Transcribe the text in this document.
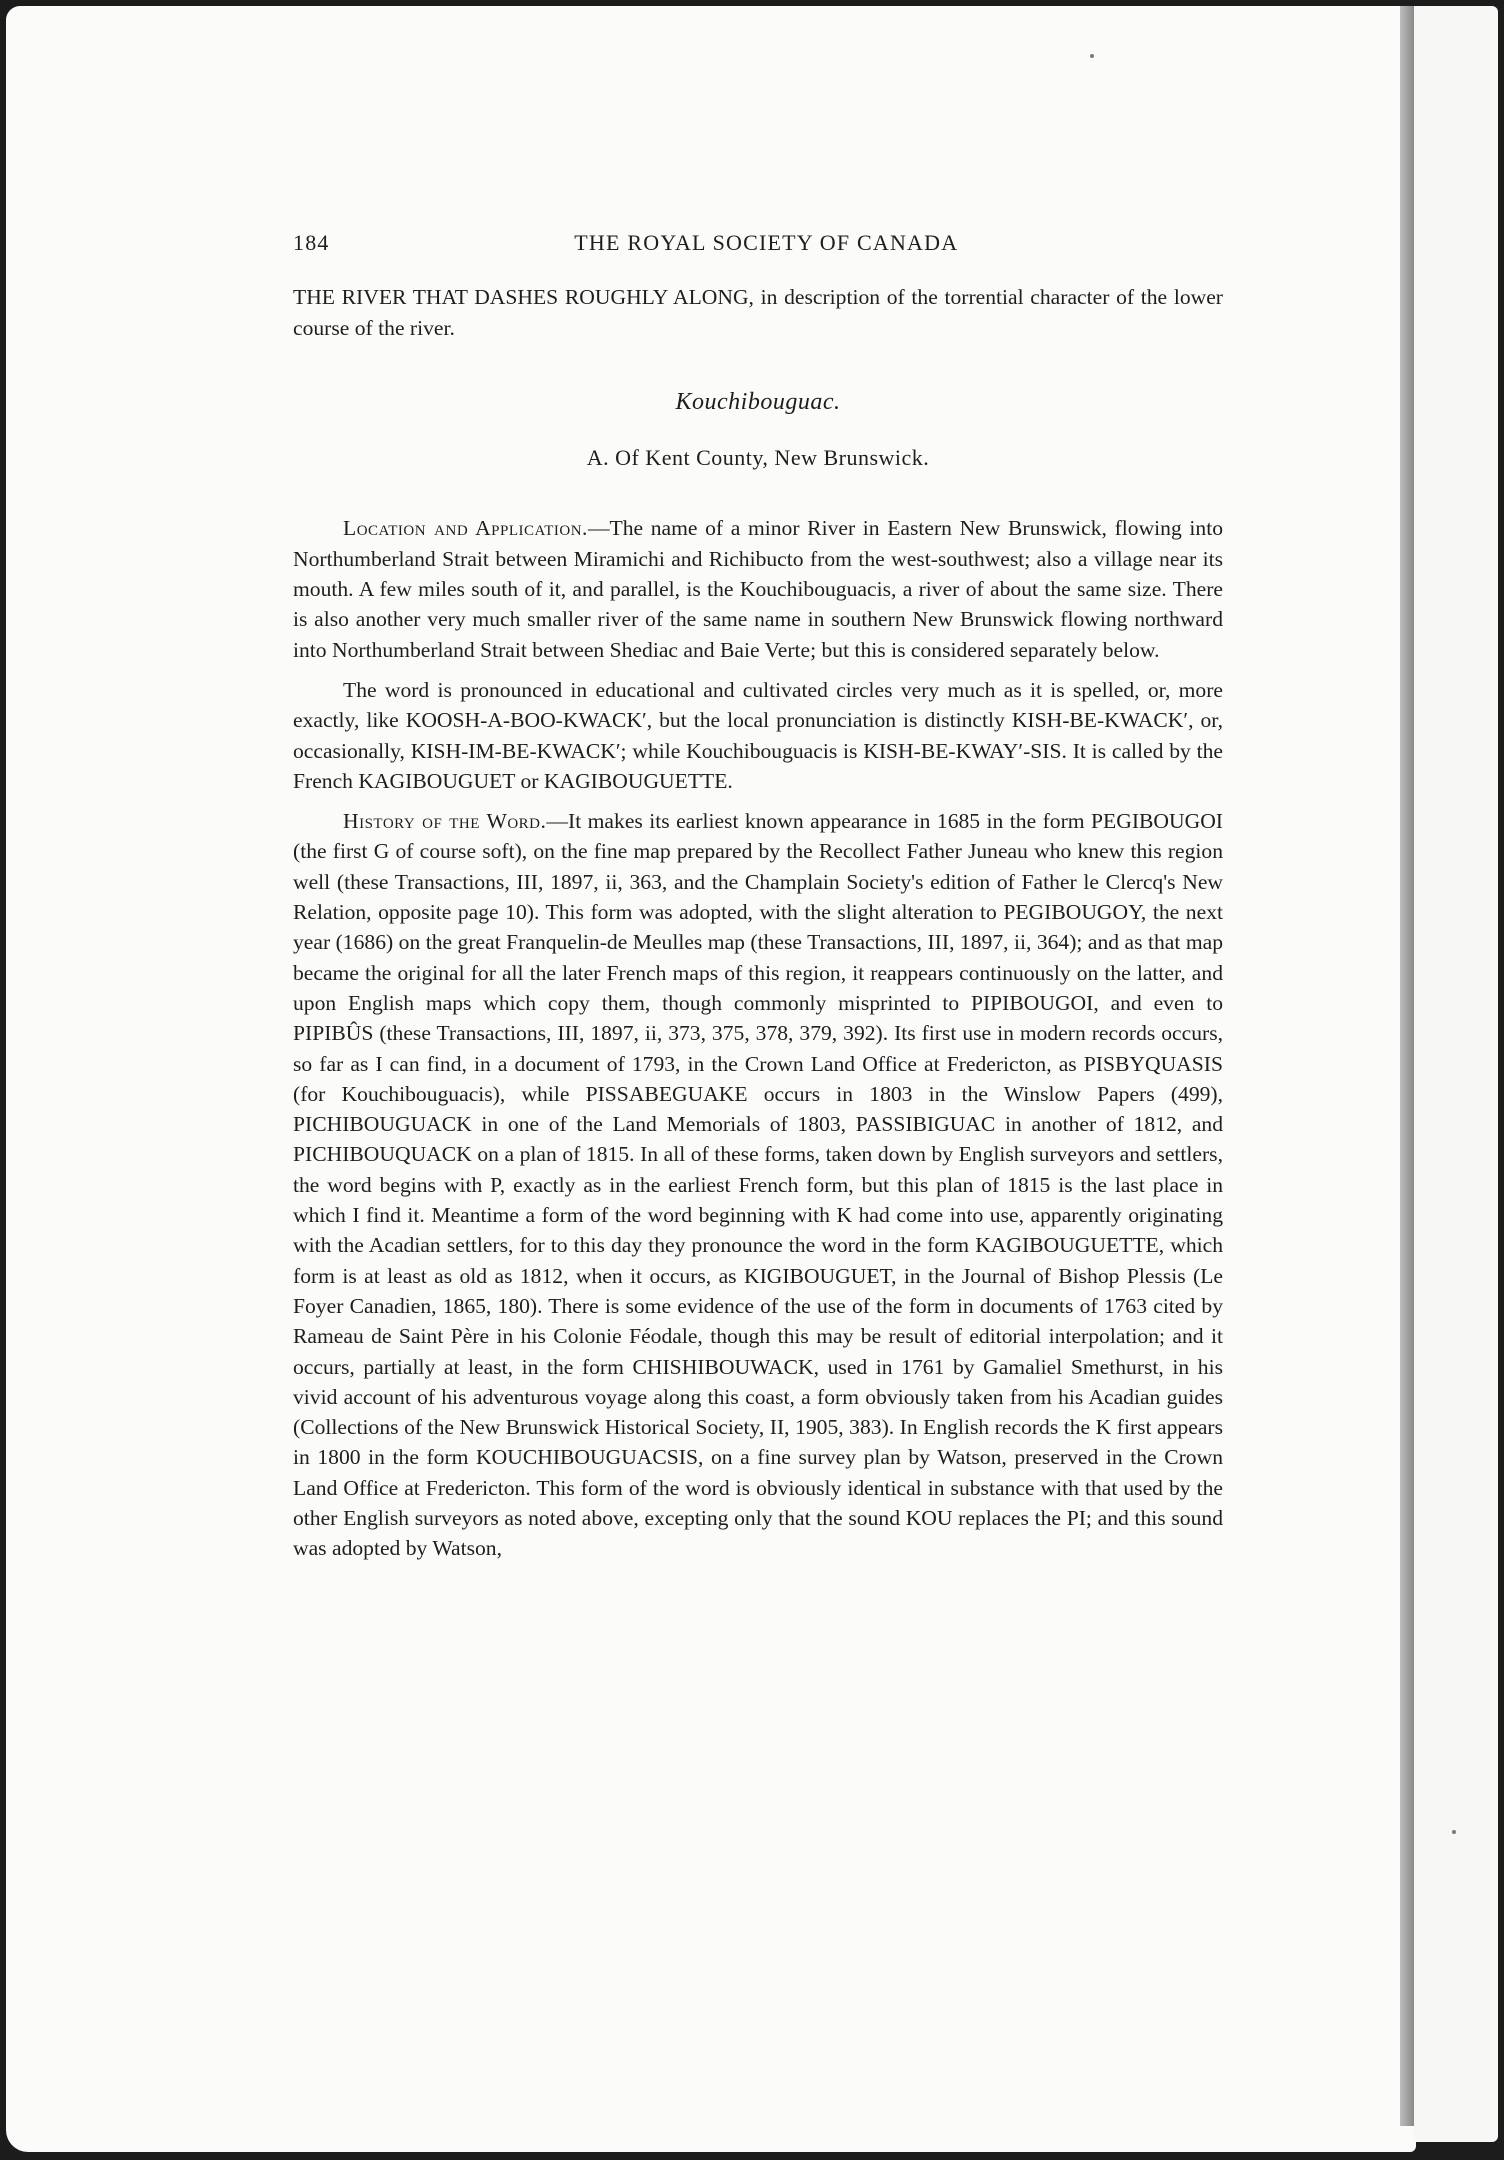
184	THE ROYAL SOCIETY OF CANADA

THE RIVER THAT DASHES ROUGHLY ALONG, in description of the torrential character of the lower course of the river.

Kouchibouguac.
A. Of Kent County, New Brunswick.

Location and Application.—The name of a minor River in Eastern New Brunswick, flowing into Northumberland Strait between Miramichi and Richibucto from the west-southwest; also a village near its mouth. A few miles south of it, and parallel, is the Kouchibouguacis, a river of about the same size. There is also another very much smaller river of the same name in southern New Brunswick flowing northward into Northumberland Strait between Shediac and Baie Verte; but this is considered separately below.

The word is pronounced in educational and cultivated circles very much as it is spelled, or, more exactly, like KOOSH-A-BOO-KWACK′, but the local pronunciation is distinctly KISH-BE-KWACK′, or, occasionally, KISH-IM-BE-KWACK′; while Kouchibouguacis is KISH-BE-KWAY′-SIS. It is called by the French KAGIBOUGUET or KAGIBOUGUETTE.

History of the Word.—It makes its earliest known appearance in 1685 in the form PEGIBOUGOI (the first G of course soft), on the fine map prepared by the Recollect Father Juneau who knew this region well (these Transactions, III, 1897, ii, 363, and the Champlain Society's edition of Father le Clercq's New Relation, opposite page 10). This form was adopted, with the slight alteration to PEGIBOUGOY, the next year (1686) on the great Franquelin-de Meulles map (these Transactions, III, 1897, ii, 364); and as that map became the original for all the later French maps of this region, it reappears continuously on the latter, and upon English maps which copy them, though commonly misprinted to PIPIBOUGOI, and even to PIPIBÛS (these Transactions, III, 1897, ii, 373, 375, 378, 379, 392). Its first use in modern records occurs, so far as I can find, in a document of 1793, in the Crown Land Office at Fredericton, as PISBYQUASIS (for Kouchibouguacis), while PISSABEGUAKE occurs in 1803 in the Winslow Papers (499), PICHIBOUGUACK in one of the Land Memorials of 1803, PASSIBIGUAC in another of 1812, and PICHIBOUQUACK on a plan of 1815. In all of these forms, taken down by English surveyors and settlers, the word begins with P, exactly as in the earliest French form, but this plan of 1815 is the last place in which I find it. Meantime a form of the word beginning with K had come into use, apparently originating with the Acadian settlers, for to this day they pronounce the word in the form KAGIBOUGUETTE, which form is at least as old as 1812, when it occurs, as KIGIBOUGUET, in the Journal of Bishop Plessis (Le Foyer Canadien, 1865, 180). There is some evidence of the use of the form in documents of 1763 cited by Rameau de Saint Père in his Colonie Féodale, though this may be result of editorial interpolation; and it occurs, partially at least, in the form CHISHIBOUWACK, used in 1761 by Gamaliel Smethurst, in his vivid account of his adventurous voyage along this coast, a form obviously taken from his Acadian guides (Collections of the New Brunswick Historical Society, II, 1905, 383). In English records the K first appears in 1800 in the form KOUCHIBOUGUACSIS, on a fine survey plan by Watson, preserved in the Crown Land Office at Fredericton. This form of the word is obviously identical in substance with that used by the other English surveyors as noted above, excepting only that the sound KOU replaces the PI; and this sound was adopted by Watson,
